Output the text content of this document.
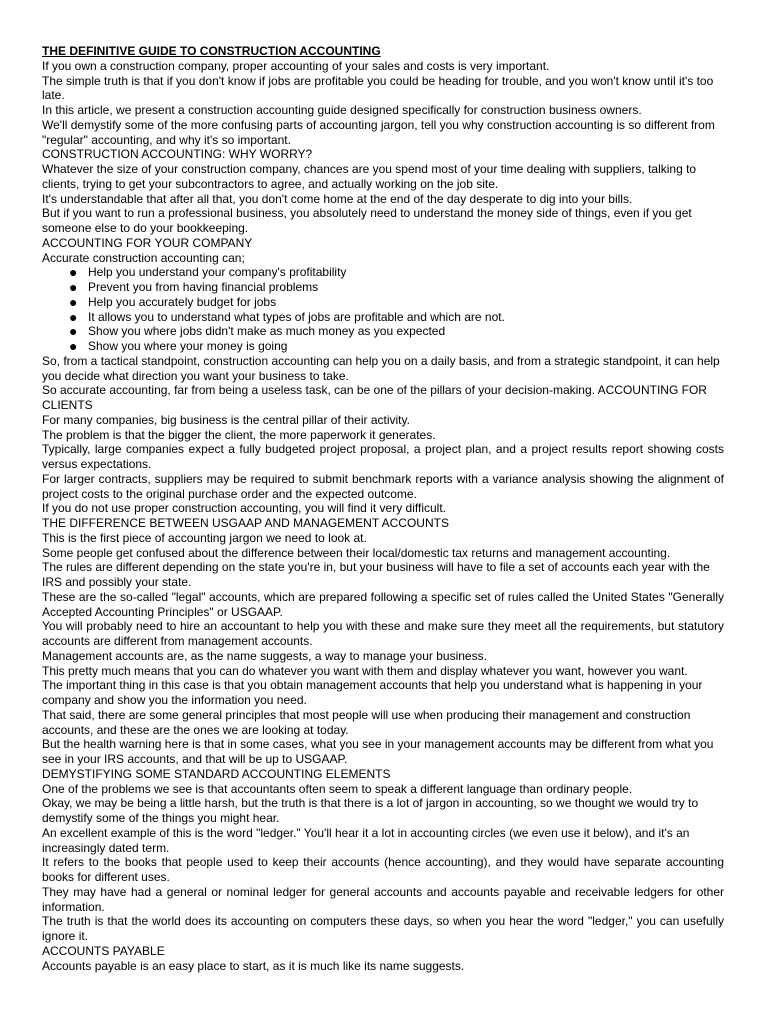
THE DEFINITIVE GUIDE TO CONSTRUCTION ACCOUNTING

If you own a construction company, proper accounting of your sales and costs is very important.

The simple truth is that if you don't know if jobs are profitable you could be heading for trouble, and you won't know until it's too late.

In this article, we present a construction accounting guide designed specifically for construction business owners.

We'll demystify some of the more confusing parts of accounting jargon, tell you why construction accounting is so different from "regular" accounting, and why it's so important.

CONSTRUCTION ACCOUNTING: WHY WORRY?

Whatever the size of your construction company, chances are you spend most of your time dealing with suppliers, talking to clients, trying to get your subcontractors to agree, and actually working on the job site.

It's understandable that after all that, you don't come home at the end of the day desperate to dig into your bills.

But if you want to run a professional business, you absolutely need to understand the money side of things, even if you get someone else to do your bookkeeping.

ACCOUNTING FOR YOUR COMPANY

Accurate construction accounting can;

● Help you understand your company's profitability
● Prevent you from having financial problems
● Help you accurately budget for jobs
● It allows you to understand what types of jobs are profitable and which are not.
● Show you where jobs didn't make as much money as you expected
● Show you where your money is going

So, from a tactical standpoint, construction accounting can help you on a daily basis, and from a strategic standpoint, it can help you decide what direction you want your business to take.

So accurate accounting, far from being a useless task, can be one of the pillars of your decision-making. ACCOUNTING FOR CLIENTS

For many companies, big business is the central pillar of their activity.

The problem is that the bigger the client, the more paperwork it generates.

Typically, large companies expect a fully budgeted project proposal, a project plan, and a project results report showing costs versus expectations.

For larger contracts, suppliers may be required to submit benchmark reports with a variance analysis showing the alignment of project costs to the original purchase order and the expected outcome.

If you do not use proper construction accounting, you will find it very difficult.

THE DIFFERENCE BETWEEN USGAAP AND MANAGEMENT ACCOUNTS

This is the first piece of accounting jargon we need to look at.

Some people get confused about the difference between their local/domestic tax returns and management accounting.

The rules are different depending on the state you're in, but your business will have to file a set of accounts each year with the IRS and possibly your state.

These are the so-called "legal" accounts, which are prepared following a specific set of rules called the United States "Generally Accepted Accounting Principles" or USGAAP.

You will probably need to hire an accountant to help you with these and make sure they meet all the requirements, but statutory accounts are different from management accounts.

Management accounts are, as the name suggests, a way to manage your business.

This pretty much means that you can do whatever you want with them and display whatever you want, however you want.

The important thing in this case is that you obtain management accounts that help you understand what is happening in your company and show you the information you need.

That said, there are some general principles that most people will use when producing their management and construction accounts, and these are the ones we are looking at today.

But the health warning here is that in some cases, what you see in your management accounts may be different from what you see in your IRS accounts, and that will be up to USGAAP.

DEMYSTIFYING SOME STANDARD ACCOUNTING ELEMENTS

One of the problems we see is that accountants often seem to speak a different language than ordinary people.

Okay, we may be being a little harsh, but the truth is that there is a lot of jargon in accounting, so we thought we would try to demystify some of the things you might hear.

An excellent example of this is the word "ledger." You'll hear it a lot in accounting circles (we even use it below), and it's an increasingly dated term.

It refers to the books that people used to keep their accounts (hence accounting), and they would have separate accounting books for different uses.

They may have had a general or nominal ledger for general accounts and accounts payable and receivable ledgers for other information.

The truth is that the world does its accounting on computers these days, so when you hear the word "ledger," you can usefully ignore it.

ACCOUNTS PAYABLE

Accounts payable is an easy place to start, as it is much like its name suggests.
